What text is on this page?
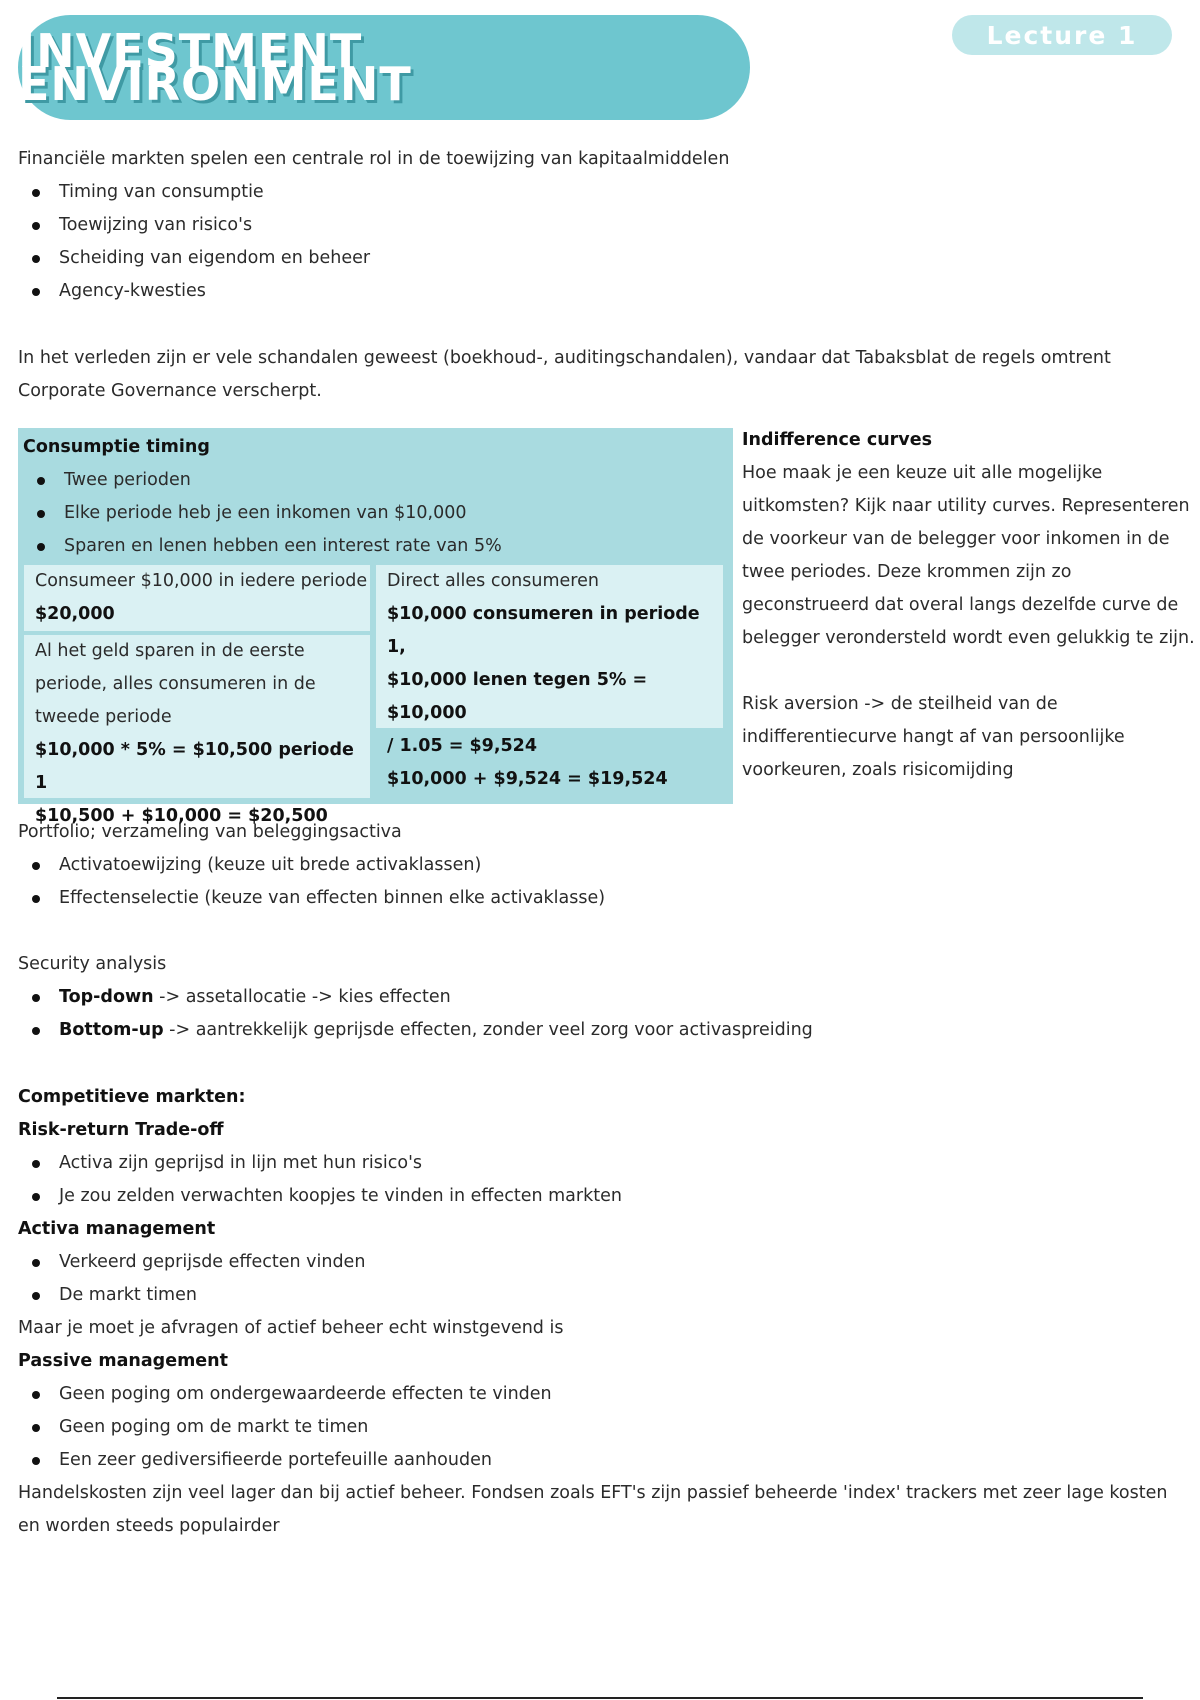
INVESTMENT ENVIRONMENT
Lecture 1

Financiële markten spelen een centrale rol in de toewijzing van kapitaalmiddelen

Timing van consumptie
Toewijzing van risico's
Scheiding van eigendom en beheer
Agency-kwesties

In het verleden zijn er vele schandalen geweest (boekhoud-, auditingschandalen), vandaar dat Tabaksblat de regels omtrent

Corporate Governance verscherpt.

Consumptie timing

Twee perioden
Elke periode heb je een inkomen van $10,000
Sparen en lenen hebben een interest rate van 5%

Consumeer $10,000 in iedere periode

$20,000

Al het geld sparen in de eerste

periode, alles consumeren in de

tweede periode

$10,000 * 5% = $10,500 periode 1

$10,500 + $10,000 = $20,500

Direct alles consumeren

$10,000 consumeren in periode 1,

$10,000 lenen tegen 5% = $10,000

/ 1.05 = $9,524

$10,000 + $9,524 = $19,524

Indifference curves

Hoe maak je een keuze uit alle mogelijke

uitkomsten? Kijk naar utility curves. Representeren

de voorkeur van de belegger voor inkomen in de

twee periodes. Deze krommen zijn zo

geconstrueerd dat overal langs dezelfde curve de

belegger verondersteld wordt even gelukkig te zijn.

Risk aversion -> de steilheid van de

indifferentiecurve hangt af van persoonlijke

voorkeuren, zoals risicomijding

Portfolio; verzameling van beleggingsactiva

Activatoewijzing (keuze uit brede activaklassen)
Effectenselectie (keuze van effecten binnen elke activaklasse)

Security analysis

Top-down -> assetallocatie -> kies effecten
Bottom-up -> aantrekkelijk geprijsde effecten, zonder veel zorg voor activaspreiding

Competitieve markten:

Risk-return Trade-off

Activa zijn geprijsd in lijn met hun risico's
Je zou zelden verwachten koopjes te vinden in effecten markten

Activa management

Verkeerd geprijsde effecten vinden
De markt timen

Maar je moet je afvragen of actief beheer echt winstgevend is

Passive management

Geen poging om ondergewaardeerde effecten te vinden
Geen poging om de markt te timen
Een zeer gediversifieerde portefeuille aanhouden

Handelskosten zijn veel lager dan bij actief beheer. Fondsen zoals EFT's zijn passief beheerde 'index' trackers met zeer lage kosten

en worden steeds populairder
